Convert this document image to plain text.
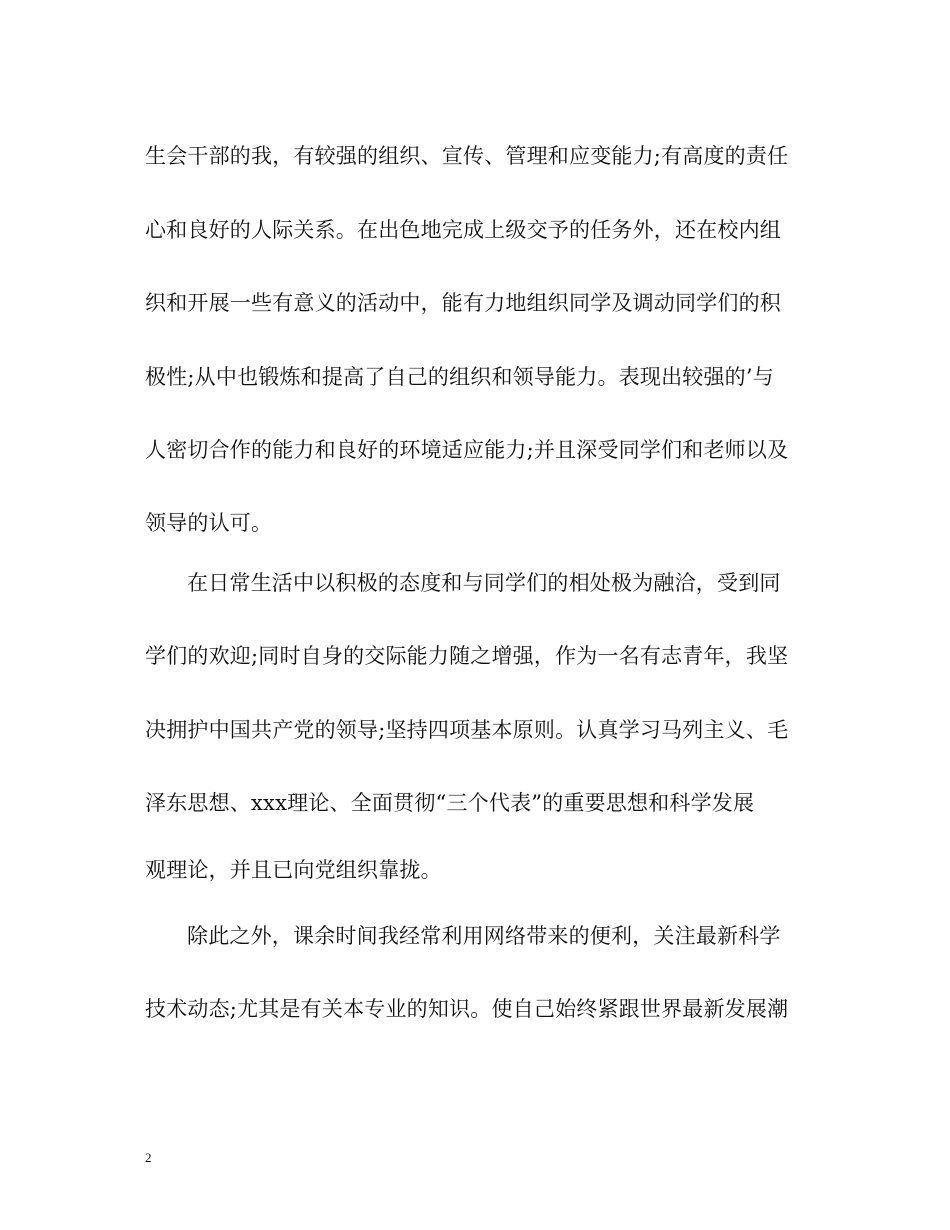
生会干部的我，有较强的组织、宣传、管理和应变能力;有高度的责任
心和良好的人际关系。在出色地完成上级交予的任务外，还在校内组
织和开展一些有意义的活动中，能有力地组织同学及调动同学们的积
极性;从中也锻炼和提高了自己的组织和领导能力。表现出较强的’与
人密切合作的能力和良好的环境适应能力;并且深受同学们和老师以及
领导的认可。
在日常生活中以积极的态度和与同学们的相处极为融洽，受到同
学们的欢迎;同时自身的交际能力随之增强，作为一名有志青年，我坚
决拥护中国共产党的领导;坚持四项基本原则。认真学习马列主义、毛
泽东思想、xxx理论、全面贯彻“三个代表”的重要思想和科学发展
观理论，并且已向党组织靠拢。
除此之外，课余时间我经常利用网络带来的便利，关注最新科学
技术动态;尤其是有关本专业的知识。使自己始终紧跟世界最新发展潮
2
